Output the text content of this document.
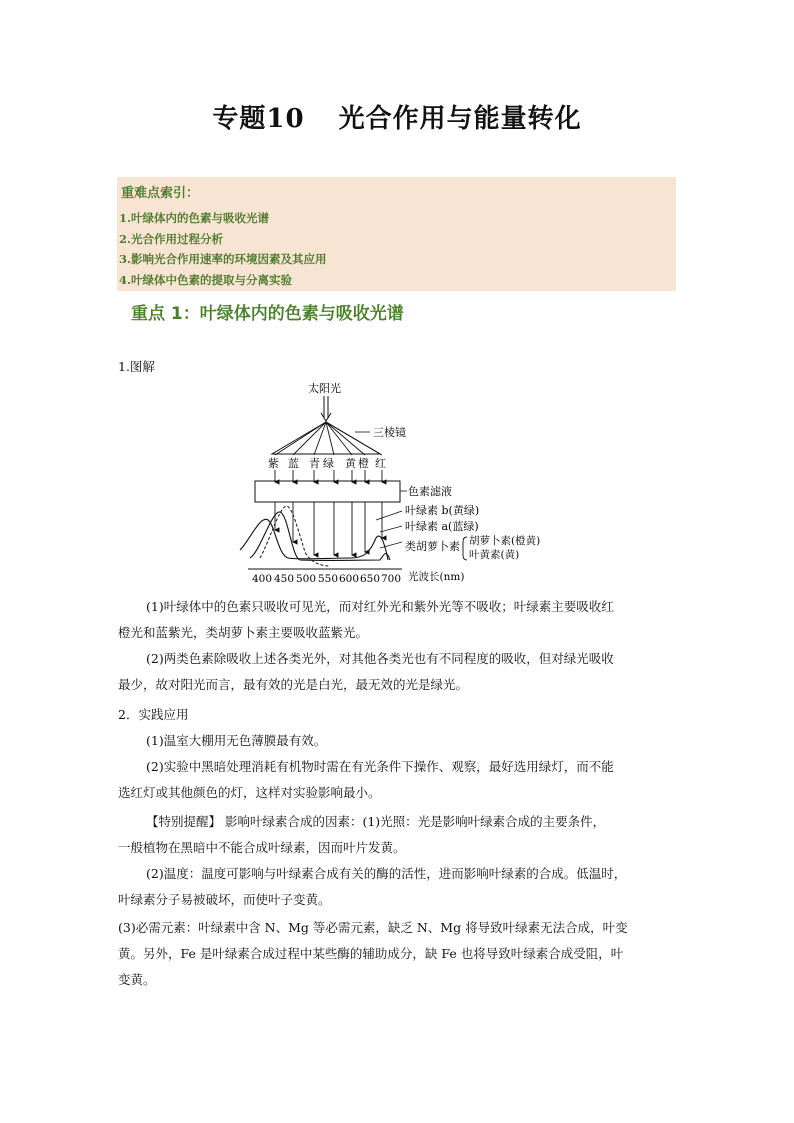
专题10 光合作用与能量转化
重难点索引：
1.叶绿体内的色素与吸收光谱
2.光合作用过程分析
3.影响光合作用速率的环境因素及其应用
4.叶绿体中色素的提取与分离实验
重点 1：叶绿体内的色素与吸收光谱
1.图解
太阳光
三棱镜
紫 蓝 青 绿 黄 橙 红
色素滤液
叶绿素 b(黄绿)
叶绿素 a(蓝绿)
类胡萝卜素 胡萝卜素(橙黄)
叶黄素(黄)
400 450 500 550 600 650 700 光波长(nm)
(1)叶绿体中的色素只吸收可见光，而对红外光和紫外光等不吸收；叶绿素主要吸收红
橙光和蓝紫光，类胡萝卜素主要吸收蓝紫光。
(2)两类色素除吸收上述各类光外，对其他各类光也有不同程度的吸收，但对绿光吸收
最少，故对阳光而言，最有效的光是白光，最无效的光是绿光。
2．实践应用
(1)温室大棚用无色薄膜最有效。
(2)实验中黑暗处理消耗有机物时需在有光条件下操作、观察，最好选用绿灯，而不能
选红灯或其他颜色的灯，这样对实验影响最小。
【特别提醒】 影响叶绿素合成的因素：(1)光照：光是影响叶绿素合成的主要条件，
一般植物在黑暗中不能合成叶绿素，因而叶片发黄。
(2)温度：温度可影响与叶绿素合成有关的酶的活性，进而影响叶绿素的合成。低温时，
叶绿素分子易被破坏，而使叶子变黄。
(3)必需元素：叶绿素中含 N、Mg 等必需元素，缺乏 N、Mg 将导致叶绿素无法合成，叶变
黄。另外，Fe 是叶绿素合成过程中某些酶的辅助成分，缺 Fe 也将导致叶绿素合成受阻，叶
变黄。
